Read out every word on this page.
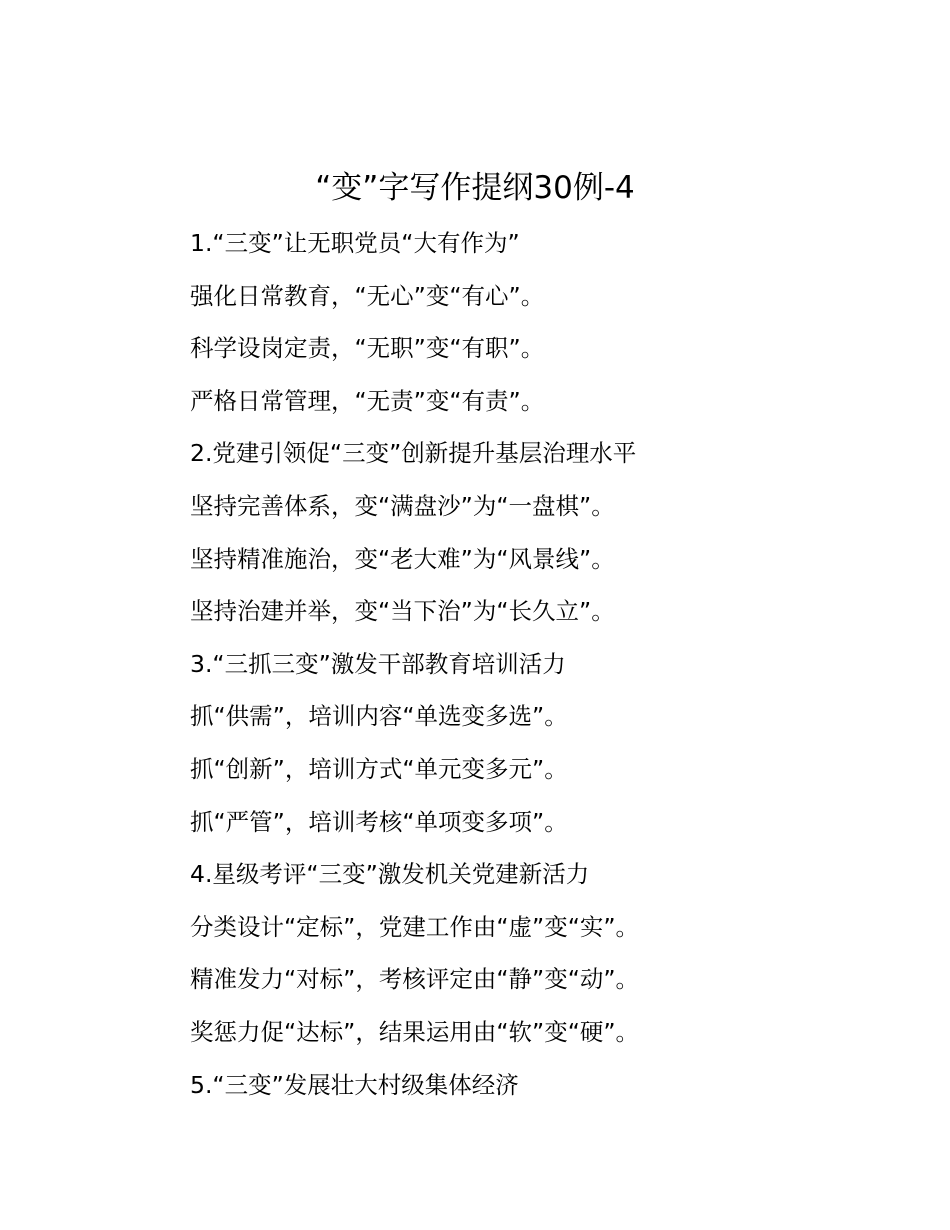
“变”字写作提纲30例-4
1.“三变”让无职党员“大有作为”
强化日常教育，“无心”变“有心”。
科学设岗定责，“无职”变“有职”。
严格日常管理，“无责”变“有责”。
2.党建引领促“三变”创新提升基层治理水平
坚持完善体系，变“满盘沙”为“一盘棋”。
坚持精准施治，变“老大难”为“风景线”。
坚持治建并举，变“当下治”为“长久立”。
3.“三抓三变”激发干部教育培训活力
抓“供需”，培训内容“单选变多选”。
抓“创新”，培训方式“单元变多元”。
抓“严管”，培训考核“单项变多项”。
4.星级考评“三变”激发机关党建新活力
分类设计“定标”，党建工作由“虚”变“实”。
精准发力“对标”，考核评定由“静”变“动”。
奖惩力促“达标”，结果运用由“软”变“硬”。
5.“三变”发展壮大村级集体经济
